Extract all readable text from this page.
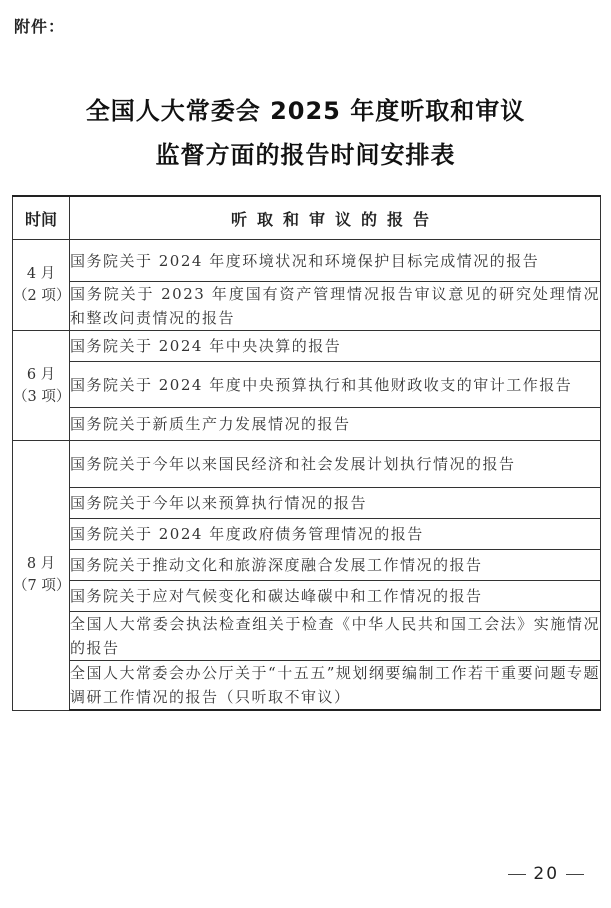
附件：
全国人大常委会 2025 年度听取和审议
监督方面的报告时间安排表
时间	听取和审议的报告

4 月
（2 项）	国务院关于 2024 年度环境状况和环境保护目标完成情况的报告
	国务院关于 2023 年度国有资产管理情况报告审议意见的研究处理情况和整改问责情况的报告

6 月
（3 项）	国务院关于 2024 年中央决算的报告
	国务院关于 2024 年度中央预算执行和其他财政收支的审计工作报告
	国务院关于新质生产力发展情况的报告

8 月
（7 项）	国务院关于今年以来国民经济和社会发展计划执行情况的报告
	国务院关于今年以来预算执行情况的报告
	国务院关于 2024 年度政府债务管理情况的报告
	国务院关于推动文化和旅游深度融合发展工作情况的报告
	国务院关于应对气候变化和碳达峰碳中和工作情况的报告
	全国人大常委会执法检查组关于检查《中华人民共和国工会法》实施情况的报告
	全国人大常委会办公厅关于“十五五”规划纲要编制工作若干重要问题专题调研工作情况的报告（只听取不审议）
20
